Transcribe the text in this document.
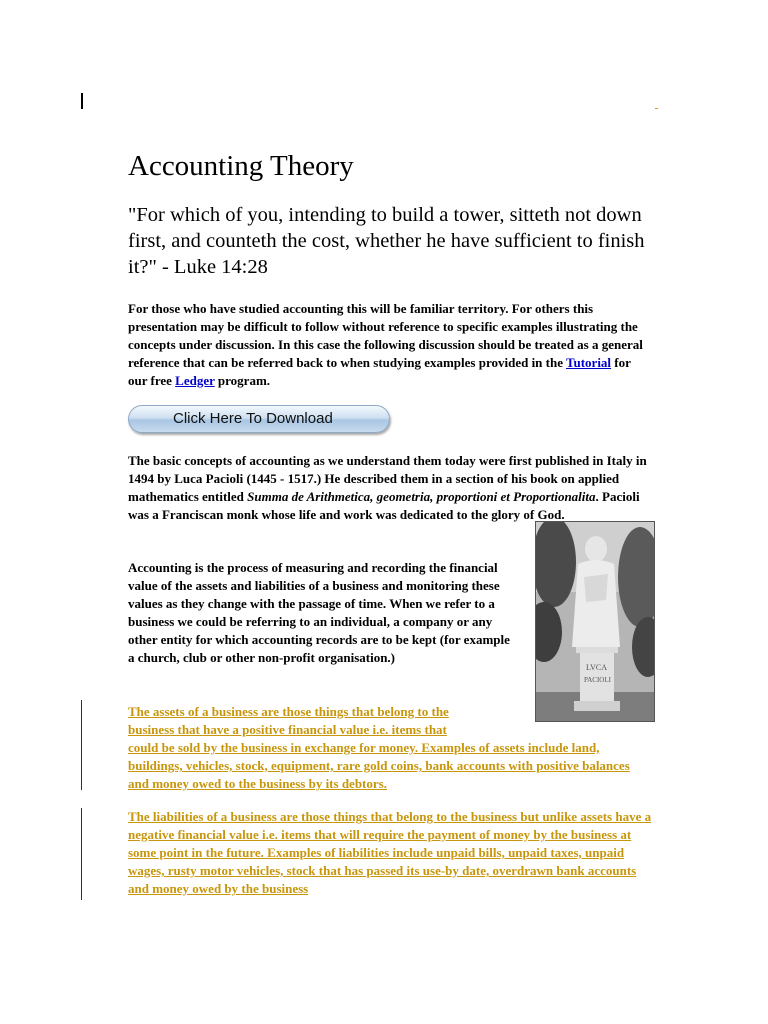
Accounting Theory

"For which of you, intending to build a tower, sitteth not down first, and counteth the cost, whether he have sufficient to finish it?" - Luke 14:28

For those who have studied accounting this will be familiar territory. For others this presentation may be difficult to follow without reference to specific examples illustrating the concepts under discussion. In this case the following discussion should be treated as a general reference that can be referred back to when studying examples provided in the Tutorial for our free Ledger program.

Click Here To Download

The basic concepts of accounting as we understand them today were first published in Italy in 1494 by Luca Pacioli (1445 - 1517.) He described them in a section of his book on applied mathematics entitled Summa de Arithmetica, geometria, proportioni et Proportionalita. Pacioli was a Franciscan monk whose life and work was dedicated to the glory of God.

Accounting is the process of measuring and recording the financial value of the assets and liabilities of a business and monitoring these values as they change with the passage of time. When we refer to a business we could be referring to an individual, a company or any other entity for which accounting records are to be kept (for example a church, club or other non-profit organisation.)

LVCA
PACIOLI

The assets of a business are those things that belong to the
business that have a positive financial value i.e. items that
could be sold by the business in exchange for money. Examples of assets include land, buildings, vehicles, stock, equipment, rare gold coins, bank accounts with positive balances and money owed to the business by its debtors.

The liabilities of a business are those things that belong to the business but unlike assets have a negative financial value i.e. items that will require the payment of money by the business at some point in the future. Examples of liabilities include unpaid bills, unpaid taxes, unpaid wages, rusty motor vehicles, stock that has passed its use-by date, overdrawn bank accounts and money owed by the business
